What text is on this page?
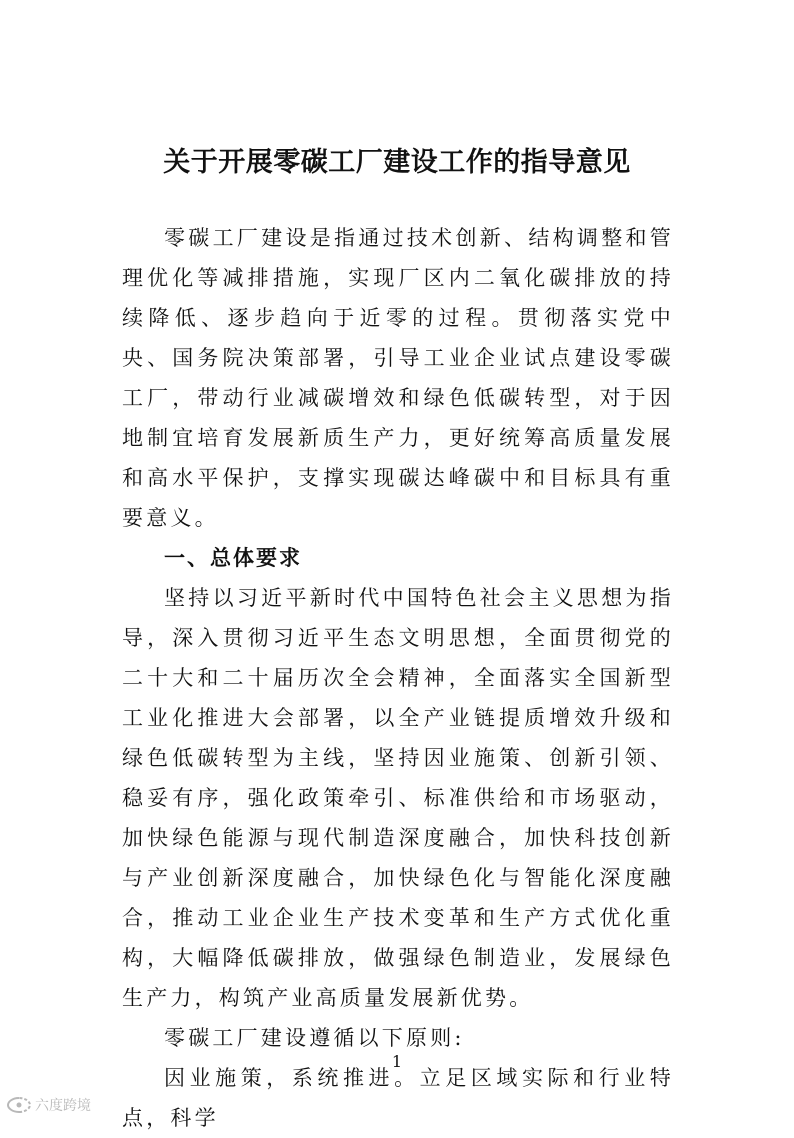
关于开展零碳工厂建设工作的指导意见

零碳工厂建设是指通过技术创新、结构调整和管理优化等减排措施，实现厂区内二氧化碳排放的持续降低、逐步趋向于近零的过程。贯彻落实党中央、国务院决策部署，引导工业企业试点建设零碳工厂，带动行业减碳增效和绿色低碳转型，对于因地制宜培育发展新质生产力，更好统筹高质量发展和高水平保护，支撑实现碳达峰碳中和目标具有重要意义。

一、总体要求

坚持以习近平新时代中国特色社会主义思想为指导，深入贯彻习近平生态文明思想，全面贯彻党的二十大和二十届历次全会精神，全面落实全国新型工业化推进大会部署，以全产业链提质增效升级和绿色低碳转型为主线，坚持因业施策、创新引领、稳妥有序，强化政策牵引、标准供给和市场驱动，加快绿色能源与现代制造深度融合，加快科技创新与产业创新深度融合，加快绿色化与智能化深度融合，推动工业企业生产技术变革和生产方式优化重构，大幅降低碳排放，做强绿色制造业，发展绿色生产力，构筑产业高质量发展新优势。

零碳工厂建设遵循以下原则:

因业施策，系统推进。立足区域实际和行业特点，科学

1
六度跨境
